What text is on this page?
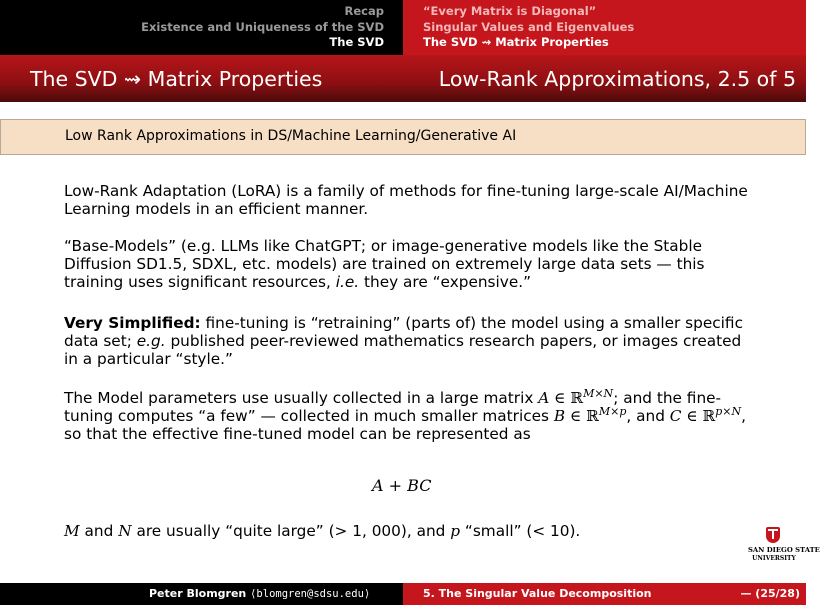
Recap
Existence and Uniqueness of the SVD
The SVD
“Every Matrix is Diagonal”
Singular Values and Eigenvalues
The SVD ⇝ Matrix Properties
The SVD ⇝ Matrix Properties	Low-Rank Approximations, 2.5 of 5
Low Rank Approximations in DS/Machine Learning/Generative AI
Low-Rank Adaptation (LoRA) is a family of methods for fine-tuning large-scale AI/Machine Learning models in an efficient manner.
“Base-Models” (e.g. LLMs like ChatGPT; or image-generative models like the Stable Diffusion SD1.5, SDXL, etc. models) are trained on extremely large data sets — this training uses significant resources, i.e. they are “expensive.”
Very Simplified: fine-tuning is “retraining” (parts of) the model using a smaller specific data set; e.g. published peer-reviewed mathematics research papers, or images created in a particular “style.”
The Model parameters use usually collected in a large matrix A ∈ ℝ$^{M\times N}$; and the fine-tuning computes “a few” — collected in much smaller matrices B ∈ ℝ$^{M\times p}$, and C ∈ ℝ$^{p\times N}$, so that the effective fine-tuned model can be represented as
A + BC
M and N are usually “quite large” (> 1, 000), and p “small” (< 10).
SAN DIEGO STATE
UNIVERSITY
Peter Blomgren ⟨blomgren@sdsu.edu⟩	5. The Singular Value Decomposition	— (25/28)
